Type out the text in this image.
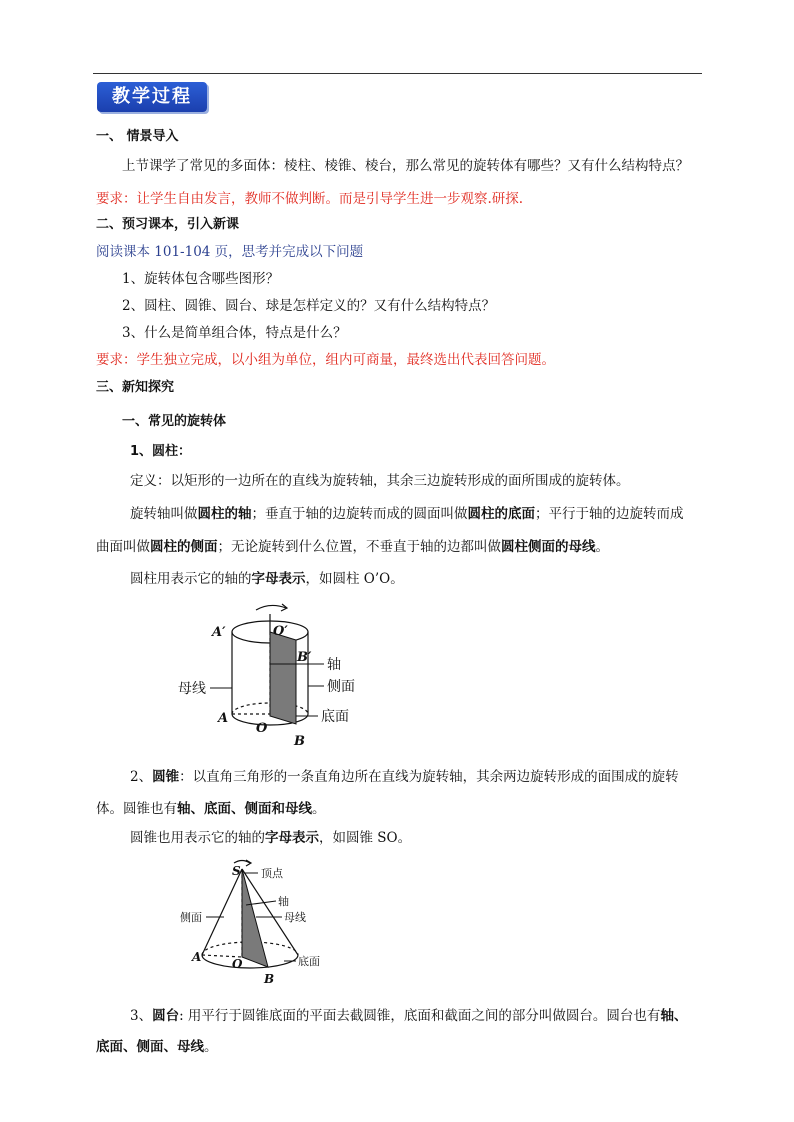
教学过程
一、 情景导入
上节课学了常见的多面体：棱柱、棱锥、棱台，那么常见的旋转体有哪些？又有什么结构特点？
要求：让学生自由发言，教师不做判断。而是引导学生进一步观察.研探.
二、预习课本，引入新课
阅读课本 101-104 页，思考并完成以下问题
1、旋转体包含哪些图形？
2、圆柱、圆锥、圆台、球是怎样定义的？又有什么结构特点？
3、什么是简单组合体，特点是什么？
要求：学生独立完成，以小组为单位，组内可商量，最终选出代表回答问题。
三、新知探究
一、常见的旋转体
1、圆柱：
定义：以矩形的一边所在的直线为旋转轴，其余三边旋转形成的面所围成的旋转体。
旋转轴叫做圆柱的轴；垂直于轴的边旋转而成的圆面叫做圆柱的底面；平行于轴的边旋转而成
曲面叫做圆柱的侧面；无论旋转到什么位置，不垂直于轴的边都叫做圆柱侧面的母线。
圆柱用表示它的轴的字母表示，如圆柱 O’O。
A′	O′
B′
A
O
B
轴
侧面
底面
母线
2、圆锥：以直角三角形的一条直角边所在直线为旋转轴，其余两边旋转形成的面围成的旋转
体。圆锥也有轴、底面、侧面和母线。
圆锥也用表示它的轴的字母表示，如圆锥 SO。
S
A	O
B
顶点
轴
母线
侧面
底面
3、圆台: 用平行于圆锥底面的平面去截圆锥，底面和截面之间的部分叫做圆台。圆台也有轴、
底面、侧面、母线。
